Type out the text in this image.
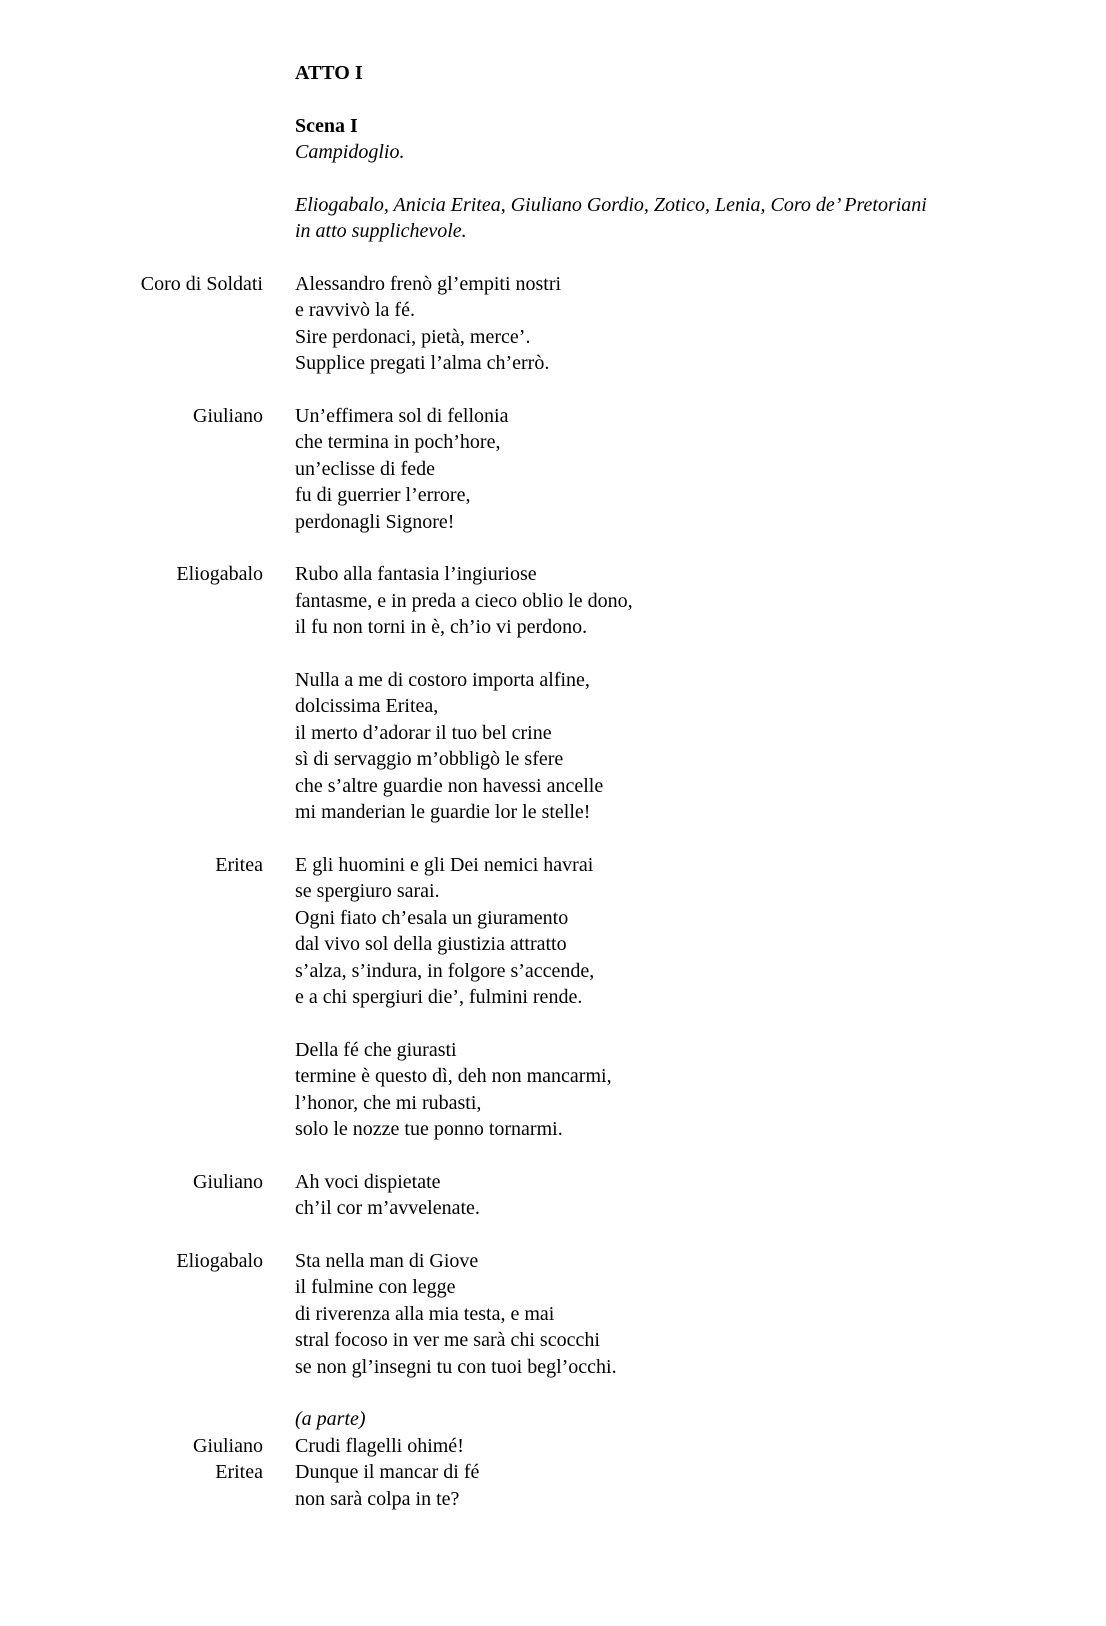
ATTO I
Scena I
Campidoglio.
Eliogabalo, Anicia Eritea, Giuliano Gordio, Zotico, Lenia, Coro de’ Pretoriani
in atto supplichevole.
Coro di Soldati Alessandro frenò gl’empiti nostri
e ravvivò la fé.
Sire perdonaci, pietà, merce’.
Supplice pregati l’alma ch’errò.
Giuliano Un’effimera sol di fellonia
che termina in poch’hore,
un’eclisse di fede
fu di guerrier l’errore,
perdonagli Signore!
Eliogabalo Rubo alla fantasia l’ingiuriose
fantasme, e in preda a cieco oblio le dono,
il fu non torni in è, ch’io vi perdono.
Nulla a me di costoro importa alfine,
dolcissima Eritea,
il merto d’adorar il tuo bel crine
sì di servaggio m’obbligò le sfere
che s’altre guardie non havessi ancelle
mi manderian le guardie lor le stelle!
Eritea E gli huomini e gli Dei nemici havrai
se spergiuro sarai.
Ogni fiato ch’esala un giuramento
dal vivo sol della giustizia attratto
s’alza, s’indura, in folgore s’accende,
e a chi spergiuri die’, fulmini rende.
Della fé che giurasti
termine è questo dì, deh non mancarmi,
l’honor, che mi rubasti,
solo le nozze tue ponno tornarmi.
Giuliano Ah voci dispietate
ch’il cor m’avvelenate.
Eliogabalo Sta nella man di Giove
il fulmine con legge
di riverenza alla mia testa, e mai
stral focoso in ver me sarà chi scocchi
se non gl’insegni tu con tuoi begl’occhi.
(a parte)
Giuliano Crudi flagelli ohimé!
Eritea Dunque il mancar di fé
non sarà colpa in te?
